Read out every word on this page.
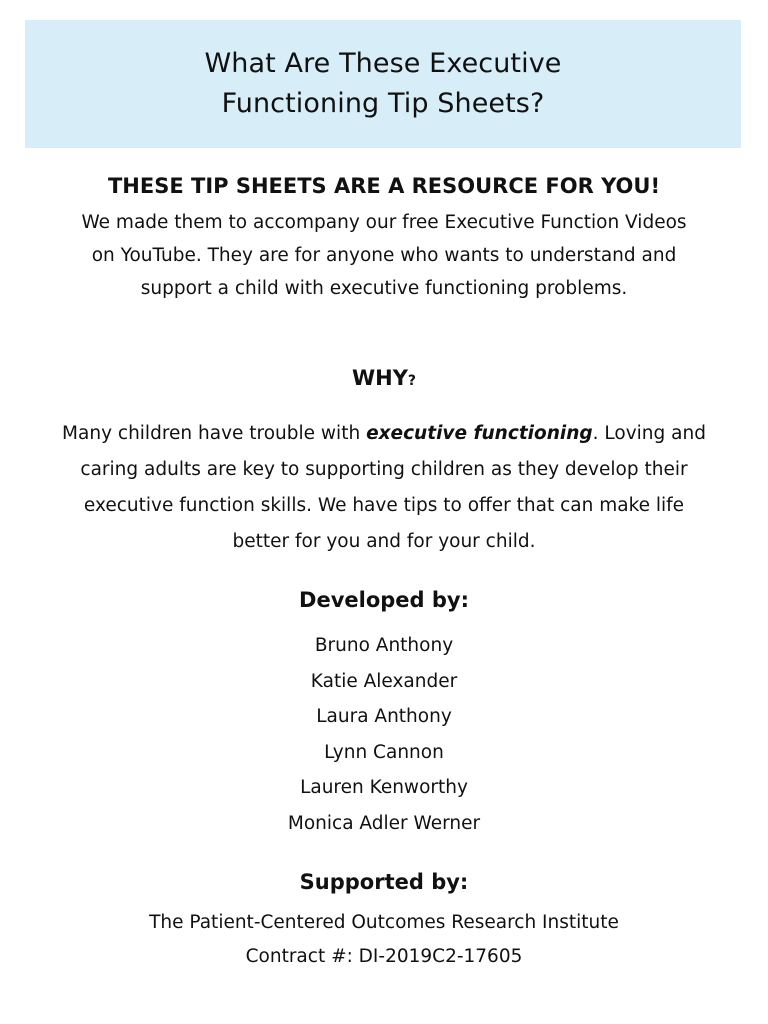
What Are These Executive
Functioning Tip Sheets?
THESE TIP SHEETS ARE A RESOURCE FOR YOU!
We made them to accompany our free Executive Function Videos on YouTube. They are for anyone who wants to understand and support a child with executive functioning problems.
WHY?
Many children have trouble with executive functioning. Loving and caring adults are key to supporting children as they develop their executive function skills. We have tips to offer that can make life better for you and for your child.
Developed by:
Bruno Anthony
Katie Alexander
Laura Anthony
Lynn Cannon
Lauren Kenworthy
Monica Adler Werner
Supported by:
The Patient-Centered Outcomes Research Institute
Contract #: DI-2019C2-17605
